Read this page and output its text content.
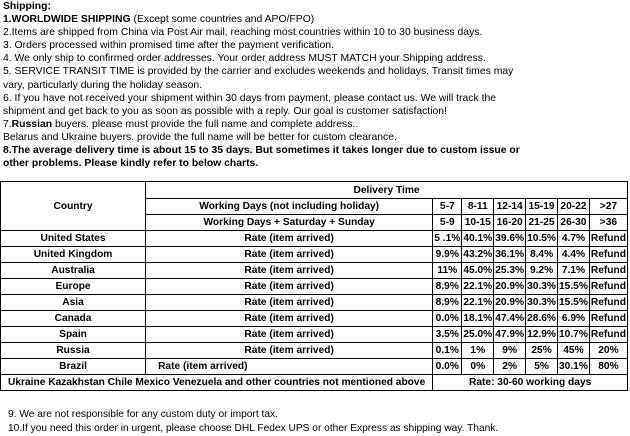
Shipping:
1.WORLDWIDE SHIPPING (Except some countries and APO/FPO)
2.Items are shipped from China via Post Air mail, reaching most countries within 10 to 30 business days.
3. Orders processed within promised time after the payment verification.
4. We only ship to confirmed order addresses. Your order address MUST MATCH your Shipping address.
5. SERVICE TRANSIT TIME is provided by the carrier and excludes weekends and holidays. Transit times may
vary, particularly during the holiday season.
6. If you have not received your shipment within 30 days from payment, please contact us. We will track the
shipment and get back to you as soon as possible with a reply. Our goal is customer satisfaction!
7.Russian buyers. please must provide the full name and complete address..
Belarus and Ukraine buyers. provide the full name will be better for custom clearance.
8.The average delivery time is about 15 to 35 days. But sometimes it takes longer due to custom issue or
other problems. Please kindly refer to below charts.
Country	Delivery Time						
	Working Days (not including holiday)	5-7	8-11	12-14	15-19	20-22	>27
	Working Days + Saturday + Sunday	5-9	10-15	16-20	21-25	26-30	>36
United States	Rate (item arrived)	5 .1%	40.1%	39.6%	10.5%	4.7%	Refund
United Kingdom	Rate (item arrived)	9.9%	43.2%	36.1%	8.4%	4.4%	Refund
Australia	Rate (item arrived)	11%	45.0%	25.3%	9.2%	7.1%	Refund
Europe	Rate (item arrived)	8.9%	22.1%	20.9%	30.3%	15.5%	Refund
Asia	Rate (item arrived)	8.9%	22.1%	20.9%	30.3%	15.5%	Refund
Canada	Rate (item arrived)	0.0%	18.1%	47.4%	28.6%	6.9%	Refund
Spain	Rate (item arrived)	3.5%	25.0%	47.9%	12.9%	10.7%	Refund
Russia	Rate (item arrived)	0.1%	1%	9%	25%	45%	20%
Brazil	Rate (item arrived)	0.0%	0%	2%	5%	30.1%	80%
Ukraine Kazakhstan Chile Mexico Venezuela and other countries not mentioned above		Rate: 30-60 working days					
9. We are not responsible for any custom duty or import tax.
10.If you need this order in urgent, please choose DHL Fedex UPS or other Express as shipping way. Thank.
